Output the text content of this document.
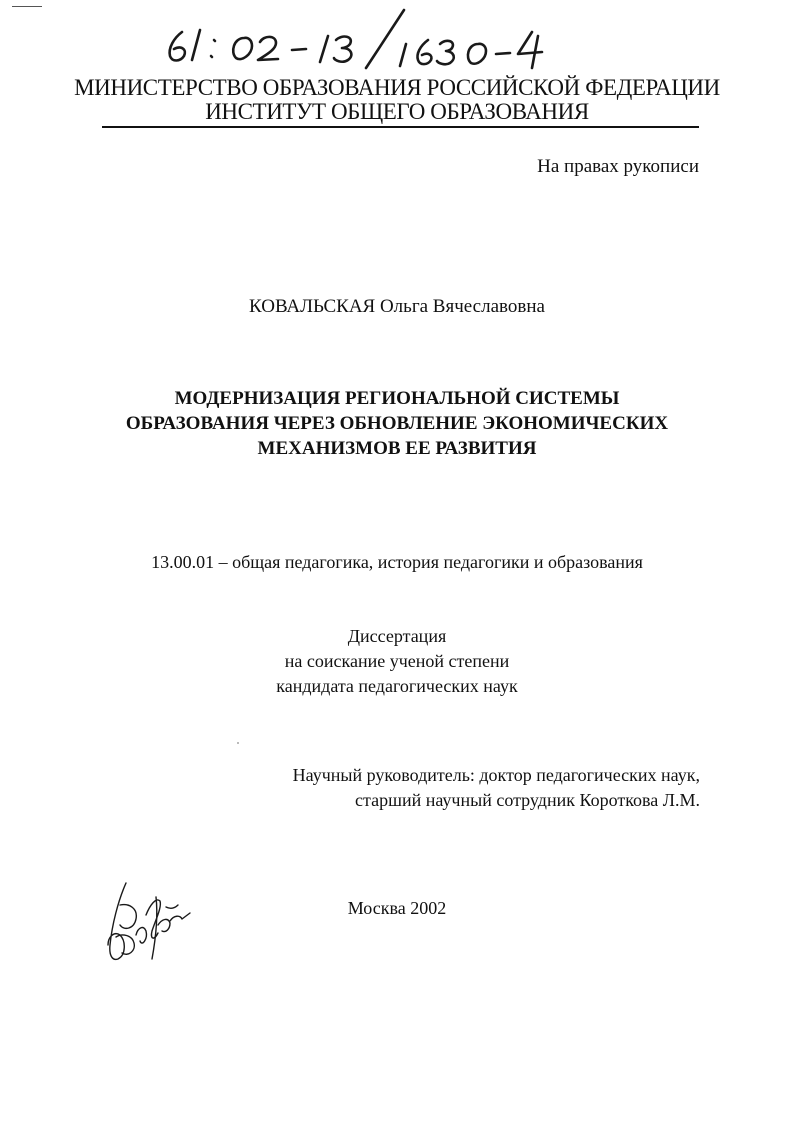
МИНИСТЕРСТВО ОБРАЗОВАНИЯ РОССИЙСКОЙ ФЕДЕРАЦИИ
ИНСТИТУТ ОБЩЕГО ОБРАЗОВАНИЯ
На правах рукописи
КОВАЛЬСКАЯ Ольга Вячеславовна
МОДЕРНИЗАЦИЯ РЕГИОНАЛЬНОЙ СИСТЕМЫ
ОБРАЗОВАНИЯ ЧЕРЕЗ ОБНОВЛЕНИЕ ЭКОНОМИЧЕСКИХ
МЕХАНИЗМОВ ЕЕ РАЗВИТИЯ
13.00.01 – общая педагогика, история педагогики и образования
Диссертация
на соискание ученой степени
кандидата педагогических наук
Научный руководитель: доктор педагогических наук,
старший научный сотрудник Короткова Л.М.
Москва 2002
